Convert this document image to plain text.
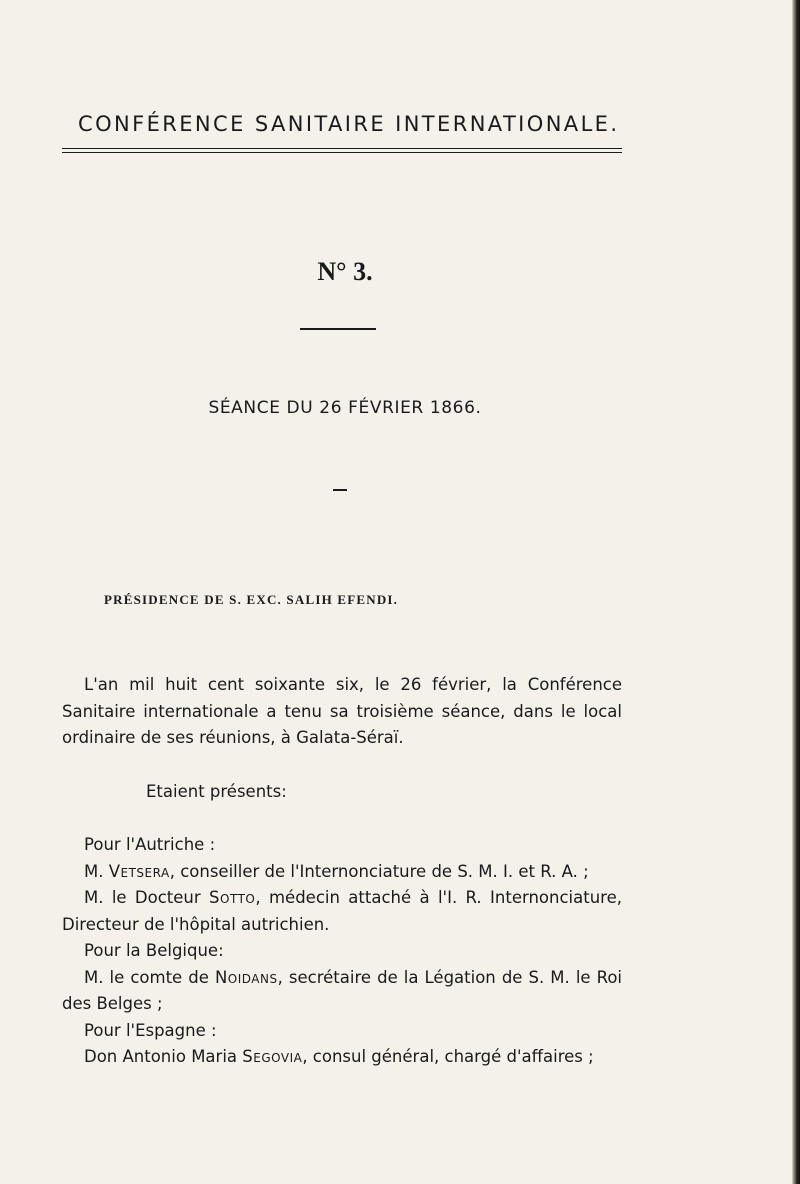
CONFÉRENCE SANITAIRE INTERNATIONALE.
N° 3.
SÉANCE DU 26 FÉVRIER 1866.
PRÉSIDENCE DE S. EXC. SALIH EFENDI.

L'an mil huit cent soixante six, le 26 février, la Conférence Sanitaire internationale a tenu sa troisième séance, dans le local ordinaire de ses réunions, à Galata-Séraï.

Etaient présents:

Pour l'Autriche :

M. Vetsera, conseiller de l'Internonciature de S. M. I. et R. A. ;

M. le Docteur Sotto, médecin attaché à l'I. R. Internonciature, Directeur de l'hôpital autrichien.

Pour la Belgique:

M. le comte de Noidans, secrétaire de la Légation de S. M. le Roi des Belges ;

Pour l'Espagne :

Don Antonio Maria Segovia, consul général, chargé d'affaires ;
